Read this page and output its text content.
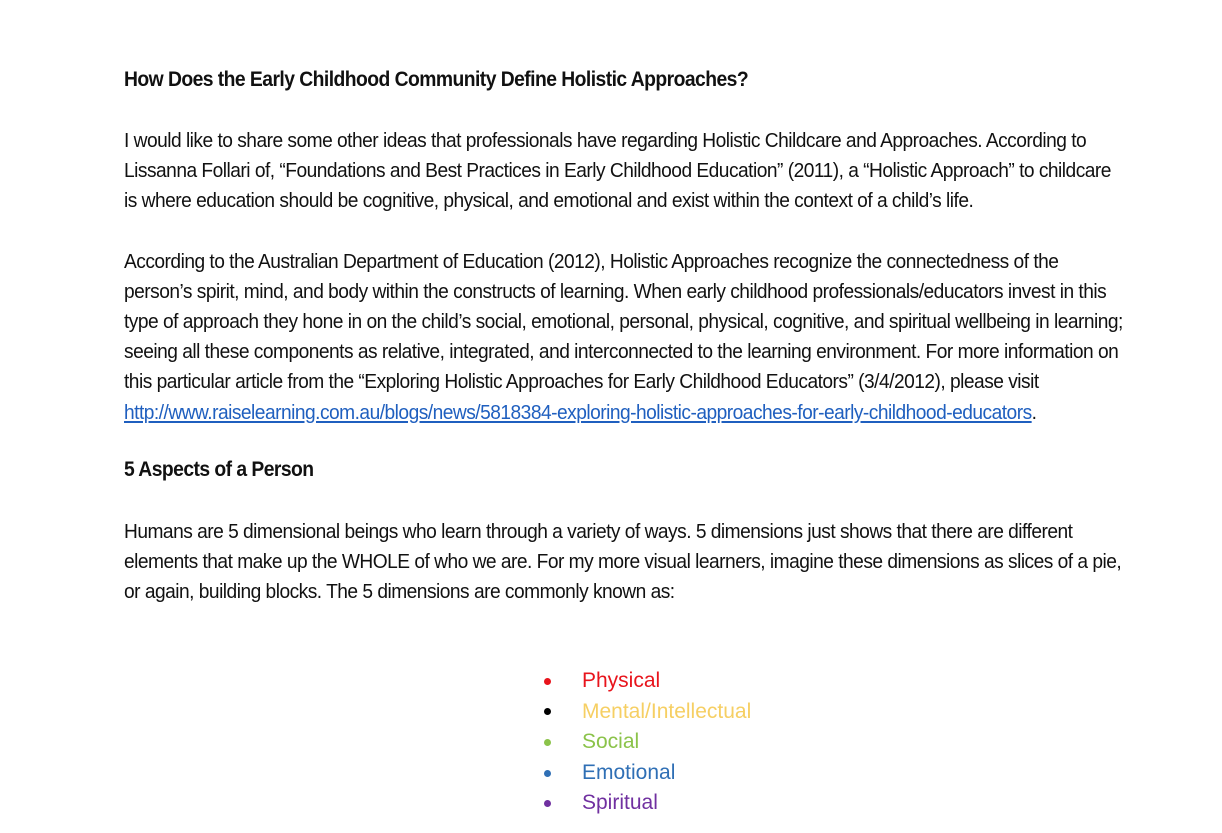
How Does the Early Childhood Community Define Holistic Approaches?

I would like to share some other ideas that professionals have regarding Holistic Childcare and Approaches. According to Lissanna Follari of, “Foundations and Best Practices in Early Childhood Education” (2011), a “Holistic Approach” to childcare is where education should be cognitive, physical, and emotional and exist within the context of a child’s life.

According to the Australian Department of Education (2012), Holistic Approaches recognize the connectedness of the person’s spirit, mind, and body within the constructs of learning. When early childhood professionals/educators invest in this type of approach they hone in on the child’s social, emotional, personal, physical, cognitive, and spiritual wellbeing in learning; seeing all these components as relative, integrated, and interconnected to the learning environment. For more information on this particular article from the “Exploring Holistic Approaches for Early Childhood Educators” (3/4/2012), please visit http://www.raiselearning.com.au/blogs/news/5818384-exploring-holistic-approaches-for-early-childhood-educators.

5 Aspects of a Person

Humans are 5 dimensional beings who learn through a variety of ways. 5 dimensions just shows that there are different elements that make up the WHOLE of who we are. For my more visual learners, imagine these dimensions as slices of a pie, or again, building blocks. The 5 dimensions are commonly known as:

Physical
Mental/Intellectual
Social
Emotional
Spiritual
